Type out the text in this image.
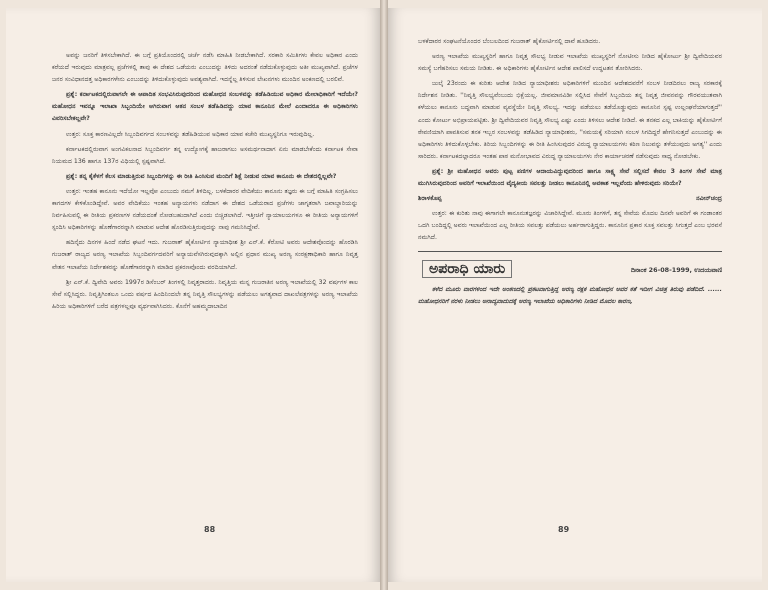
ಅವನ್ನು ಜನರಿಗೆ ತಿಳಿಸಬೇಕಾಗಿದೆ. ಈ ಬಗ್ಗೆ ಪ್ರತಿಯೊಂದರಲ್ಲಿ ಚರ್ಚೆ ನಡೆಸಿ ಮಾಹಿತಿ ನೀಡಬೇಕಾಗಿದೆ. ಸರಕಾರಿ ಸಮಿತಿಗಳು ಕೇವಲ ಅಧಿಕಾರ ಎಂದು ಕರೆಯದೆ ಇರುವುದು ಮಾತ್ರವಲ್ಲ ಪ್ರಜೆಗಳಲ್ಲಿ ತಾವು ಈ ದೇಶದ ಒಡೆಯರು ಎಂಬುದನ್ನು ತಿಳಿದು ಅದರಂತೆ ನಡೆದುಕೊಳ್ಳುವುದು ಅತೀ ಮುಖ್ಯವಾಗಿದೆ. ಪ್ರಜೆಗಳ ಜನರ ಸಂವಿಧಾನದತ್ತ ಅಧಿಕಾರಗಳೇನು ಎಂಬುದನ್ನು ತಿಳಿದುಕೊಳ್ಳುವುದು ಅವಶ್ಯವಾಗಿದೆ. ಇದನ್ನೆಲ್ಲ ತಿಳಿಸುವ ಲೇಖನಗಳು ಮುಂದಿನ ಅಂಕಣದಲ್ಲಿ ಬರಲಿವೆ.

ಪ್ರಶ್ನೆ: ಕರ್ನಾಟಕದಲ್ಲಿರುವಾಗಲೇ ಈ ಆಪಾದಿತ ಸಂಭವಿಸಿರುವುದರಿಂದ ಮಹೋಧನ ಸಂಬಳವನ್ನು ತಡೆಹಿಡಿಯುವ ಅಧಿಕಾರ ಮೇಲಾಧಿಕಾರಿಗೆ ಇದೆಯೇ? ಮಹೋಧನ ಇವನ್ನೂ ಇಲಾಖಾ ಸಿಬ್ಬಂದಿಯೇ ಆಗಿರುವಾಗ ಆತನ ಸಂಬಳ ತಡೆಹಿಡಿದದ್ದು ಯಾವ ಕಾನೂನಿನ ಮೇಲೆ ಎಂದಾದರೂ ಈ ಅಧಿಕಾರಿಗಳು ವಿವರಿಸಬೇಕಲ್ಲವೇ?

ಉತ್ತರ: ಸೂಕ್ತ ಕಾರಣವಿಲ್ಲದೇ ಸಿಬ್ಬಂದಿವರ್ಗದ ಸಂಬಳವನ್ನು ತಡೆಹಿಡಿಯುವ ಅಧಿಕಾರ ಯಾವ ಕಚೇರಿ ಮುಖ್ಯಸ್ಥನಿಗೂ ಇರುವುದಿಲ್ಲ.

ಕರ್ನಾಟಕದಲ್ಲಿರುವಾಗ ಅಂಗವಿಕಲನಾದ ಸಿಬ್ಬಂದಿವರ್ಗ ತನ್ನ ಉದ್ಯೋಗಕ್ಕೆ ಹಾಜರಾಗಲು ಅಸಮರ್ಥನಾದಾಗ ಏನು ಮಾಡಬೇಕೆಂದು ಕರ್ನಾಟಕ ಸೇವಾ ನಿಯಮದ 136 ಹಾಗೂ 137ರ ವಿಧಿಯಲ್ಲಿ ಸ್ಪಷ್ಟವಾಗಿದೆ.

ಪ್ರಶ್ನೆ: ತನ್ನ ಕೈಕೆಳಗೆ ಕೆಲಸ ಮಾಡುತ್ತಿರುವ ಸಿಬ್ಬಂದಿಗಳನ್ನು ಈ ರೀತಿ ಹಿಂಸಿಸುವ ಮಂದಿಗೆ ಶಿಕ್ಷೆ ನೀಡುವ ಯಾವ ಕಾನೂನು ಈ ದೇಶದಲ್ಲಿಲ್ಲವೇ?

ಉತ್ತರ: ಇಂತಹ ಕಾನೂನು ಇದೆಯೋ ಇಲ್ಲವೋ ಎಂಬುದು ನಮಗೆ ತಿಳಿದಿಲ್ಲ. ಬಳಕೆದಾರರ ವೇದಿಕೆಯು ಕಾನೂನು ತಜ್ಞರು ಈ ಬಗ್ಗೆ ಮಾಹಿತಿ ಸಂಗ್ರಹಿಸಲು ಕಾಗದಗಳ ಕೇಳಿಕೊಂಡಿದ್ದೇವೆ. ಅವರ ವೇದಿಕೆಯು ಇಂತಹ ಅನ್ಯಾಯಗಳು ನಡೆದಾಗ ಈ ದೇಶದ ಒಡೆಯರಾದ ಪ್ರಜೆಗಳು ಜಾಗೃತರಾಗಿ ಜವಾಬ್ದಾರಿಯನ್ನು ನಿರ್ವಹಿಸುವಲ್ಲಿ ಈ ರೀತಿಯ ಪ್ರಕರಣಗಳ ನಡೆಯದಂತೆ ನೋಡಬಹುದಾಗಿದೆ ಎಂದು ಬಿಚ್ಚಿಡಲಾಗಿದೆ. ಇತ್ತೀಚಿಗೆ ನ್ಯಾಯಾಲಯಗಳೂ ಈ ರೀತಿಯ ಅನ್ಯಾಯಗಳಿಗೆ ಸ್ಪಂದಿಸಿ ಅಧಿಕಾರಿಗಳನ್ನು ಹೊಣೆಗಾರರನ್ನಾಗಿ ಮಾಡುವ ಆದೇಶ ಹೊರಡಿಸುತ್ತಿರುವುದನ್ನು ನಾವು ಗಮನಿಸಿದ್ದೇವೆ.

ಹದಿನೈದು ದಿನಗಳ ಹಿಂದೆ ನಡೆದ ಘಟನೆ ಇದು. ಗುಜರಾತ್ ಹೈಕೋರ್ಟಿನ ನ್ಯಾಯಾಧೀಶ ಶ್ರೀ ಎನ್.ಕೆ. ಕೆರೋಟಿ ಅವರು ಆದೇಶವೊಂದನ್ನು ಹೊರಡಿಸಿ ಗುಜರಾತ್ ರಾಜ್ಯದ ಅರಣ್ಯ ಇಲಾಖೆಯ ಸಿಬ್ಬಂದಿವರ್ಗದವರಿಗೆ ಅನ್ಯಾಯವೆಸಗಿರುವುದಕ್ಕಾಗಿ ಅಲ್ಲಿನ ಪ್ರಧಾನ ಮುಖ್ಯ ಅರಣ್ಯ ಸಂರಕ್ಷಣಾಧಿಕಾರಿ ಹಾಗೂ ನಿವೃತ್ತ ವೇತನ ಇಲಾಖೆಯ ನಿರ್ದೇಶಕರನ್ನು ಹೊಣೆಗಾರರನ್ನಾಗಿ ಮಾಡಿದ ಪ್ರಕರಣವೊಂದು ವರದಿಯಾಗಿದೆ.

ಶ್ರೀ ಎನ್.ಕೆ. ದ್ವಿವೇದಿ ಅವರು 1997ರ ಡಿಸೆಂಬರ್ ತಿಂಗಳಲ್ಲಿ ನಿವೃತ್ತರಾದರು. ನಿವೃತ್ತಿಯ ಮನ್ನ ಗುಜರಾತಿನ ಅರಣ್ಯ ಇಲಾಖೆಯಲ್ಲಿ 32 ವರ್ಷಗಳ ಕಾಲ ಸೇವೆ ಸಲ್ಲಿಸಿದ್ದರು. ನಿವೃತ್ತಿಗಿಂತಲೂ ಒಂದು ವರ್ಷದ ಹಿಂದಿನಿಂದಲೇ ತನ್ನ ನಿವೃತ್ತಿ ಸೌಲಭ್ಯಗಳನ್ನು ಪಡೆಯಲು ಅಗತ್ಯವಾದ ದಾಖಲೆಪತ್ರಗಳನ್ನು ಅರಣ್ಯ ಇಲಾಖೆಯ ಹಿರಿಯ ಅಧಿಕಾರಿಗಳಿಗೆ ಬರೆದ ಪತ್ರಗಳಲ್ಲವೂ ವ್ಯರ್ಥವಾಗಿಸಿದರು. ಕೊನೆಗೆ ಅಹಮ್ಮದಾಬಾದಿನ

88

ಬಳಕೆದಾರರ ಸಂಘಟನೆಯೊಂದರ ಬೆಂಬಲದಿಂದ ಗುಜರಾತ್ ಹೈಕೋರ್ಟಿನಲ್ಲಿ ದಾವೆ ಹೂಡಿದರು.

ಅರಣ್ಯ ಇಲಾಖೆಯ ಮುಖ್ಯಸ್ಥರಿಗೆ ಹಾಗೂ ನಿವೃತ್ತ ಸೌಲಭ್ಯ ನೀಡುವ ಇಲಾಖೆಯ ಮುಖ್ಯಸ್ಥರಿಗೆ ನೋಟೀಸು ನೀಡಿದ ಹೈಕೋರ್ಟು ಶ್ರೀ ದ್ವಿವೇದಿಯವರ ಸಮಸ್ಯೆ ಬಗೆಹರಿಸಲು ಸಮಯ ನೀಡಿತು. ಈ ಅಧಿಕಾರಿಗಳು ಹೈಕೋರ್ಟಿನ ಆದೇಶ ಪಾಲಿಸದೆ ಉದ್ಧಟತನ ತೋರಿಸಿದರು.

ಜುಲೈ 23ರಂದು ಈ ಕುರಿತು ಆದೇಶ ನೀಡಿದ ನ್ಯಾಯಾಧೀಶರು ಅಧಿಕಾರಿಗಳಿಗೆ ಮುಂದಿನ ಆದೇಶದವರೆಗೆ ಸಂಬಳ ನೀಡದಿರಲು ರಾಜ್ಯ ಸರಕಾರಕ್ಕೆ ನಿರ್ದೇಶನ ನೀಡಿತು. ''ನಿವೃತ್ತಿ ಸೌಲಭ್ಯವೆಂಬುದು ಭಿಕ್ಷೆಯಲ್ಲ. ಜೀವಮಾನವಿಡೀ ಸಲ್ಲಿಸಿದ ಸೇವೆಗೆ ಸಿಬ್ಬಂದಿಯ ತನ್ನ ನಿವೃತ್ತ ಜೀವನವನ್ನು ಗೌರವಯುತವಾಗಿ ಕಳೆಯಲು ಕಾನೂನು ಬದ್ಧವಾಗಿ ಮಾಡುವ ವ್ಯವಸ್ಥೆಯೇ ನಿವೃತ್ತಿ ಸೌಲಭ್ಯ. ಇದನ್ನು ಪಡೆಯಲು ತಡೆಯೊಡ್ಡುವುದು ಕಾನೂನಿನ ಸ್ಪಷ್ಟ ಉಲ್ಲಂಘನೆಯಾಗುತ್ತದೆ'' ಎಂದು ಕೋರ್ಟು ಅಭಿಪ್ರಾಯಪಟ್ಟಿತು. ಶ್ರೀ ದ್ವಿವೇದಿಯವರ ನಿವೃತ್ತಿ ಸೌಲಭ್ಯ ಎಷ್ಟು ಎಂದು ತಿಳಿಸಲು ಆದೇಶ ನೀಡಿದೆ. ಈ ತನಕದ ಎಲ್ಲ ಬಾಕಿಯನ್ನು ಹೈಕೋರ್ಟಿಗೆ ಠೇವಣಿಯಾಗಿ ಪಾವತಿಸುವ ತನಕ ಇಬ್ಬರ ಸಂಬಳವನ್ನು ತಡೆಹಿಡಿದ ನ್ಯಾಯಾಧೀಶರು, ''ಸಮಯಕ್ಕೆ ಸರಿಯಾಗಿ ಸಂಬಳ ಸಿಗದಿದ್ದರೆ ಹೇಗನಿಸುತ್ತದೆ ಎಂಬುದನ್ನು ಈ ಅಧಿಕಾರಿಗಳು ತಿಳಿದುಕೊಳ್ಳಬೇಕು. ತಿರಿಯ ಸಿಬ್ಬಂದಿಗಳನ್ನು ಈ ರೀತಿ ಹಿಂಸಿಸುವುದರ ವಿರುದ್ಧ ನ್ಯಾಯಾಲಯಗಳು ಕಠಿಣ ನಿಲುವನ್ನು ತಳೆಯುವುದು ಅಗತ್ಯ'' ಎಂದು ಸಾರಿದರು. ಕರ್ನಾಟಕದಲ್ಲಾದರೂ ಇಂತಹ ಪಾಠ ಮನೋಭಾವದ ವಿರುದ್ಧ ನ್ಯಾಯಾಲಯಗಳು ನೇರ ಕಾರ್ಯಾಚರಣೆ ನಡೆಸುವುದು ಸಾಧ್ಯ ನೋಡಬೇಕು.

ಪ್ರಶ್ನೆ: ಶ್ರೀ ಮಹೋಧನ ಅವರು ಪುಟ್ಟ ಪಣಿಗಳ ಆದಾಯವಿದ್ದುವುದರಿಂದ ಹಾಗೂ ಸಾಕ್ಷ್ಯ ಸೇವೆ ಸಲ್ಲಿಸದೆ ಕೇವಲ 3 ತಿಂಗಳ ಸೇವೆ ಮಾತ್ರ ಮುಗಿಸಿರುವುದರಿಂದ ಅವರಿಗೆ ಇಲಾಖೆಯಿಂದ ವೈದ್ಯಕೀಯ ಸವಲತ್ತು ನೀಡಲು ಕಾನೂನಿನಲ್ಲಿ ಅವಕಾಶ ಇಲ್ಲವೆಂದು ಹೇಳಿರುವುದು ಸರಿಯೇ?

ಶಿರಾಳಕೊಪ್ಪ	ನವೀನ್‌ಚಂದ್ರ

ಉತ್ತರ: ಈ ಕುರಿತು ನಾವು ಈಗಾಗಲೇ ಕಾನೂನುತಜ್ಞರನ್ನು ವಿಚಾರಿಸಿದ್ದೇವೆ. ಮೂರು ತಿಂಗಳಿಗೆ, ತನ್ನ ಸೇವೆಯ ಮೊದಲ ದಿನವೇ ಅವರಿಗೆ ಈ ಗಂಡಾಂತರ ಒದಗಿ ಬಂದಿದ್ದಲ್ಲಿ ಅವರು ಇಲಾಖೆಯಿಂದ ಎಲ್ಲ ರೀತಿಯ ಸವಲತ್ತು ಪಡೆಯಲು ಅರ್ಹರಾಗುತ್ತಿದ್ದರು. ಕಾನೂನಿನ ಪ್ರಕಾರ ಸೂಕ್ತ ಸವಲತ್ತು ಸಿಗುತ್ತದೆ ಎಂಬ ಭರವಸೆ ನಮಗಿದೆ.

ಅಪರಾಧಿ ಯಾರು	ದಿನಾಂಕ 26-08-1999, ಉದಯವಾಣಿ

ಕಳೆದ ಮೂರು ವಾರಗಳಿಂದ ಇದೇ ಅಂಕಣದಲ್ಲಿ ಪ್ರಕಟವಾಗುತ್ತಿದ್ದ ಅರಣ್ಯ ರಕ್ಷಕ ಮಹೋಧನ ಅವರ ಕತೆ ಇದೀಗ ವಿಚಿತ್ರ ತಿರುವು ಪಡೆದಿದೆ. ...... ಮಹೋಧನರಿಗೆ ನರಳು ನೀಡಲು ಅನಾದ್ಯವಾದುದಕ್ಕೆ ಅರಣ್ಯ ಇಲಾಖೆಯ ಅಧಿಕಾರಿಗಳು ನೀಡಿದ ಮೊದಲ ಕಾರಣ,

89
